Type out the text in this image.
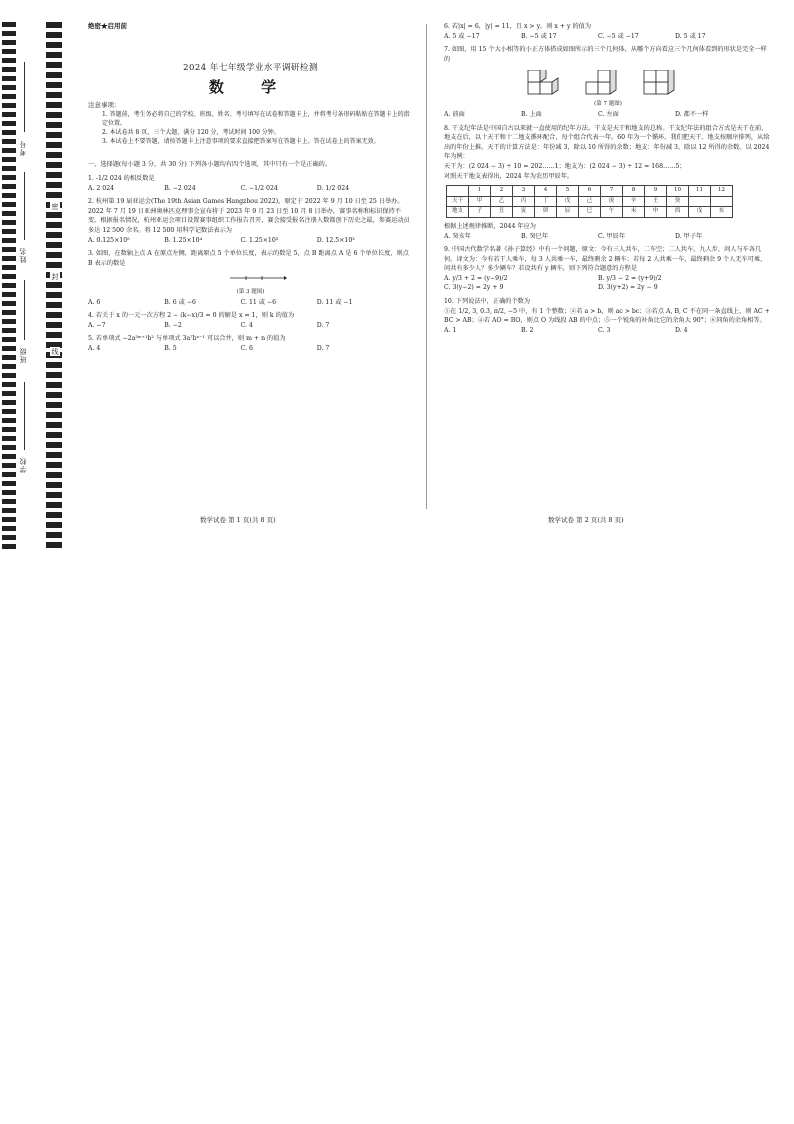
考号
姓名
班级
学校
密
封
线
绝密★启用前
2024 年七年级学业水平调研检测
数 学
注意事项：
1. 答题前，考生务必将自己的学校、班级、姓名、考号填写在试卷和答题卡上，并将考号条形码粘贴在答题卡上的指定位置。
2. 本试卷共 8 页，三个大题，满分 120 分，考试时间 100 分钟。
3. 本试卷上不要答题，请按答题卡上注意事项的要求直接把答案写在答题卡上。答在试卷上的答案无效。
一、选择题(每小题 3 分，共 30 分) 下列各小题均有四个选项，其中只有一个是正确的。
1. -1/2 024 的相反数是
A. 2 024	B. −2 024	C. −1/2 024	D. 1/2 024
2. 杭州第 19 届亚运会(The 19th Asian Games Hangzhou 2022)，原定于 2022 年 9 月 10 日至 25 日举办。2022 年 7 月 19 日亚洲奥林匹克理事会宣布将于 2023 年 9 月 23 日至 10 月 8 日举办，赛事名称和标识保持不变。根据报名情况，杭州亚运会项目设置赛事组织工作报告召开，赛会接受报名注册人数都创下历史之最，参赛运动员多达 12 500 余名。将 12 500 用科学记数法表示为
A. 0.125×10⁵	B. 1.25×10⁴	C. 1.25×10³	D. 12.5×10³
3. 如图，在数轴上点 A 在原点左侧，距离原点 5 个单位长度，表示的数是 5，点 B 距离点 A 是 6 个单位长度，则点 B 表示的数是
(第 3 题图)
A. 6	B. 6 或 −6	C. 11 或 −6	D. 11 或 −1
4. 若关于 x 的一元一次方程 2 − (k−x)/3 = 0 的解是 x = 1，则 k 的值为
A. −7	B. −2	C. 4	D. 7
5. 若单项式 −2a³ᵐ⁺¹b² 与单项式 3a⁷bⁿ⁻¹ 可以合并，则 m + n 的值为
A. 4	B. 5	C. 6	D. 7
6. 若|x| = 6，|y| = 11，且 x > y，则 x + y 的值为
A. 5 或 −17	B. −5 或 17	C. −5 或 −17	D. 5 或 17
7. 如图，用 15 个大小相等的小正方体搭成如图所示的三个几何体，从哪个方向看这三个几何体看到的形状是完全一样的
(第 7 题图)
A. 前面	B. 上面	C. 左面	D. 都不一样
8. 干支纪年法是中国自古以来就一直使用的纪年方法。干支是天干和地支的总称。干支纪年法的组合方式是天干在前，地支在后，以十天干和十二地支循环配合，每个组合代表一年，60 年为一个循环。我们把天干、地支按顺序排列，从给出的年份上推。天干的计算方法是：年份减 3，除以 10 所得的余数；地支：年份减 3，除以 12 所得的余数。以 2024 年为例：
天干为：(2 024 − 3) ÷ 10 = 202……1；地支为：(2 024 − 3) ÷ 12 = 168……5；
对照天干地支表得出，2024 年为农历甲辰年。
	1	2	3	4	5	6	7	8	9	10	11	12
天干	甲	乙	丙	丁	戊	己	庚	辛	壬	癸		
地支	子	丑	寅	卯	辰	巳	午	未	申	酉	戌	亥
根据上述规律推断，2044 年应为
A. 癸亥年	B. 癸巳年	C. 甲辰年	D. 甲子年
9. 中国古代数学名著《孙子算经》中有一个问题，原文：今有三人共车，二车空；二人共车，九人步，问人与车各几何。译文为：今有若干人乘车，每 3 人共乘一车，最终剩余 2 辆车；若每 2 人共乘一车，最终剩余 9 个人无车可乘，问共有多少人？多少辆车？若设共有 y 辆车，则下列符合题意的方程是
A. y/3 + 2 = (y−9)/2	B. y/3 − 2 = (y+9)/2
C. 3(y−2) = 2y + 9	D. 3(y+2) = 2y − 9
10. 下列说法中，正确的个数为
①在 1/2, 3, 0.3, π/2, −5 中，有 1 个整数；②若 a > b，则 ac > bc；③若点 A, B, C 不在同一条直线上，则 AC + BC > AB；④若 AO = BO，则点 O 为线段 AB 的中点；⑤一个锐角的补角比它的余角大 90°；⑥同角的余角相等。
A. 1	B. 2	C. 3	D. 4
数学试卷 第 1 页(共 8 页)	数学试卷 第 2 页(共 8 页)
